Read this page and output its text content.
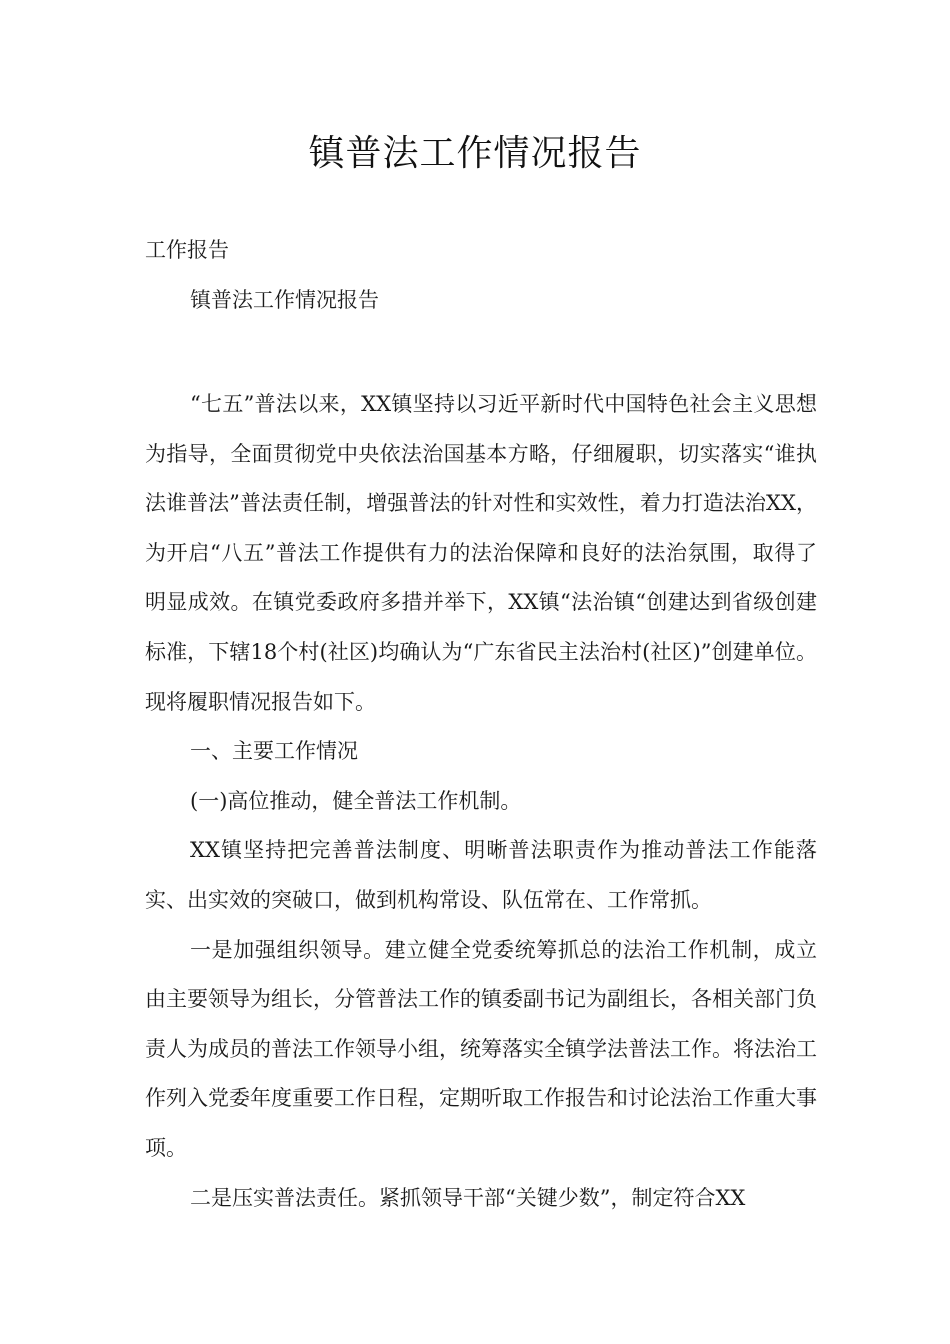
镇普法工作情况报告
工作报告
镇普法工作情况报告

“七五”普法以来，XX镇坚持以习近平新时代中国特色社会主义思想为指导，全面贯彻党中央依法治国基本方略，仔细履职，切实落实“谁执法谁普法”普法责任制，增强普法的针对性和实效性，着力打造法治XX，为开启“八五”普法工作提供有力的法治保障和良好的法治氛围，取得了明显成效。在镇党委政府多措并举下，XX镇“法治镇“创建达到省级创建标准，下辖18个村(社区)均确认为“广东省民主法治村(社区)”创建单位。现将履职情况报告如下。

一、主要工作情况

(一)高位推动，健全普法工作机制。

XX镇坚持把完善普法制度、明晰普法职责作为推动普法工作能落实、出实效的突破口，做到机构常设、队伍常在、工作常抓。

一是加强组织领导。建立健全党委统筹抓总的法治工作机制，成立由主要领导为组长，分管普法工作的镇委副书记为副组长，各相关部门负责人为成员的普法工作领导小组，统筹落实全镇学法普法工作。将法治工作列入党委年度重要工作日程，定期听取工作报告和讨论法治工作重大事项。

二是压实普法责任。紧抓领导干部“关键少数”，制定符合XX
